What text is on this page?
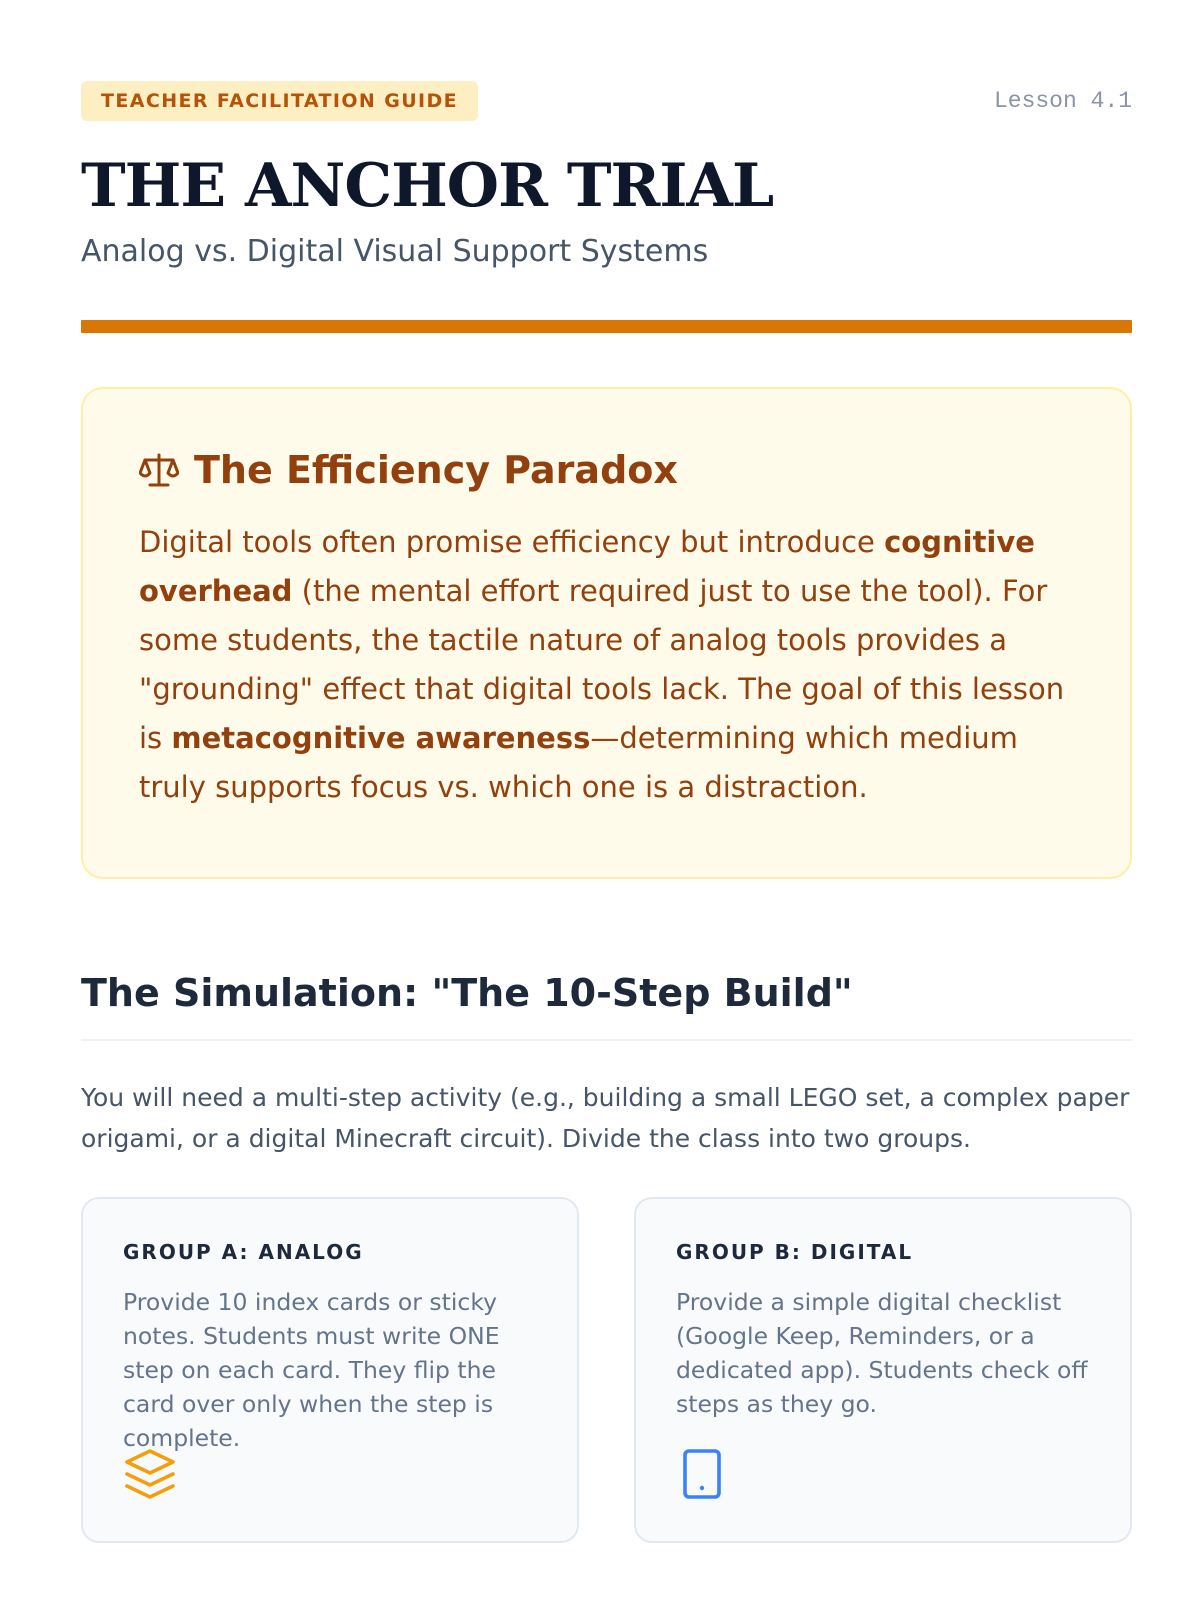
TEACHER FACILITATION GUIDE	Lesson 4.1
THE ANCHOR TRIAL

Analog vs. Digital Visual Support Systems

The Efficiency Paradox

Digital tools often promise efficiency but introduce cognitive overhead (the mental effort required just to use the tool). For some students, the tactile nature of analog tools provides a "grounding" effect that digital tools lack. The goal of this lesson is metacognitive awareness—determining which medium truly supports focus vs. which one is a distraction.

The Simulation: "The 10-Step Build"

You will need a multi-step activity (e.g., building a small LEGO set, a complex paper origami, or a digital Minecraft circuit). Divide the class into two groups.

GROUP A: ANALOG

Provide 10 index cards or sticky notes. Students must write ONE step on each card. They flip the card over only when the step is complete.

GROUP B: DIGITAL

Provide a simple digital checklist (Google Keep, Reminders, or a dedicated app). Students check off steps as they go.
